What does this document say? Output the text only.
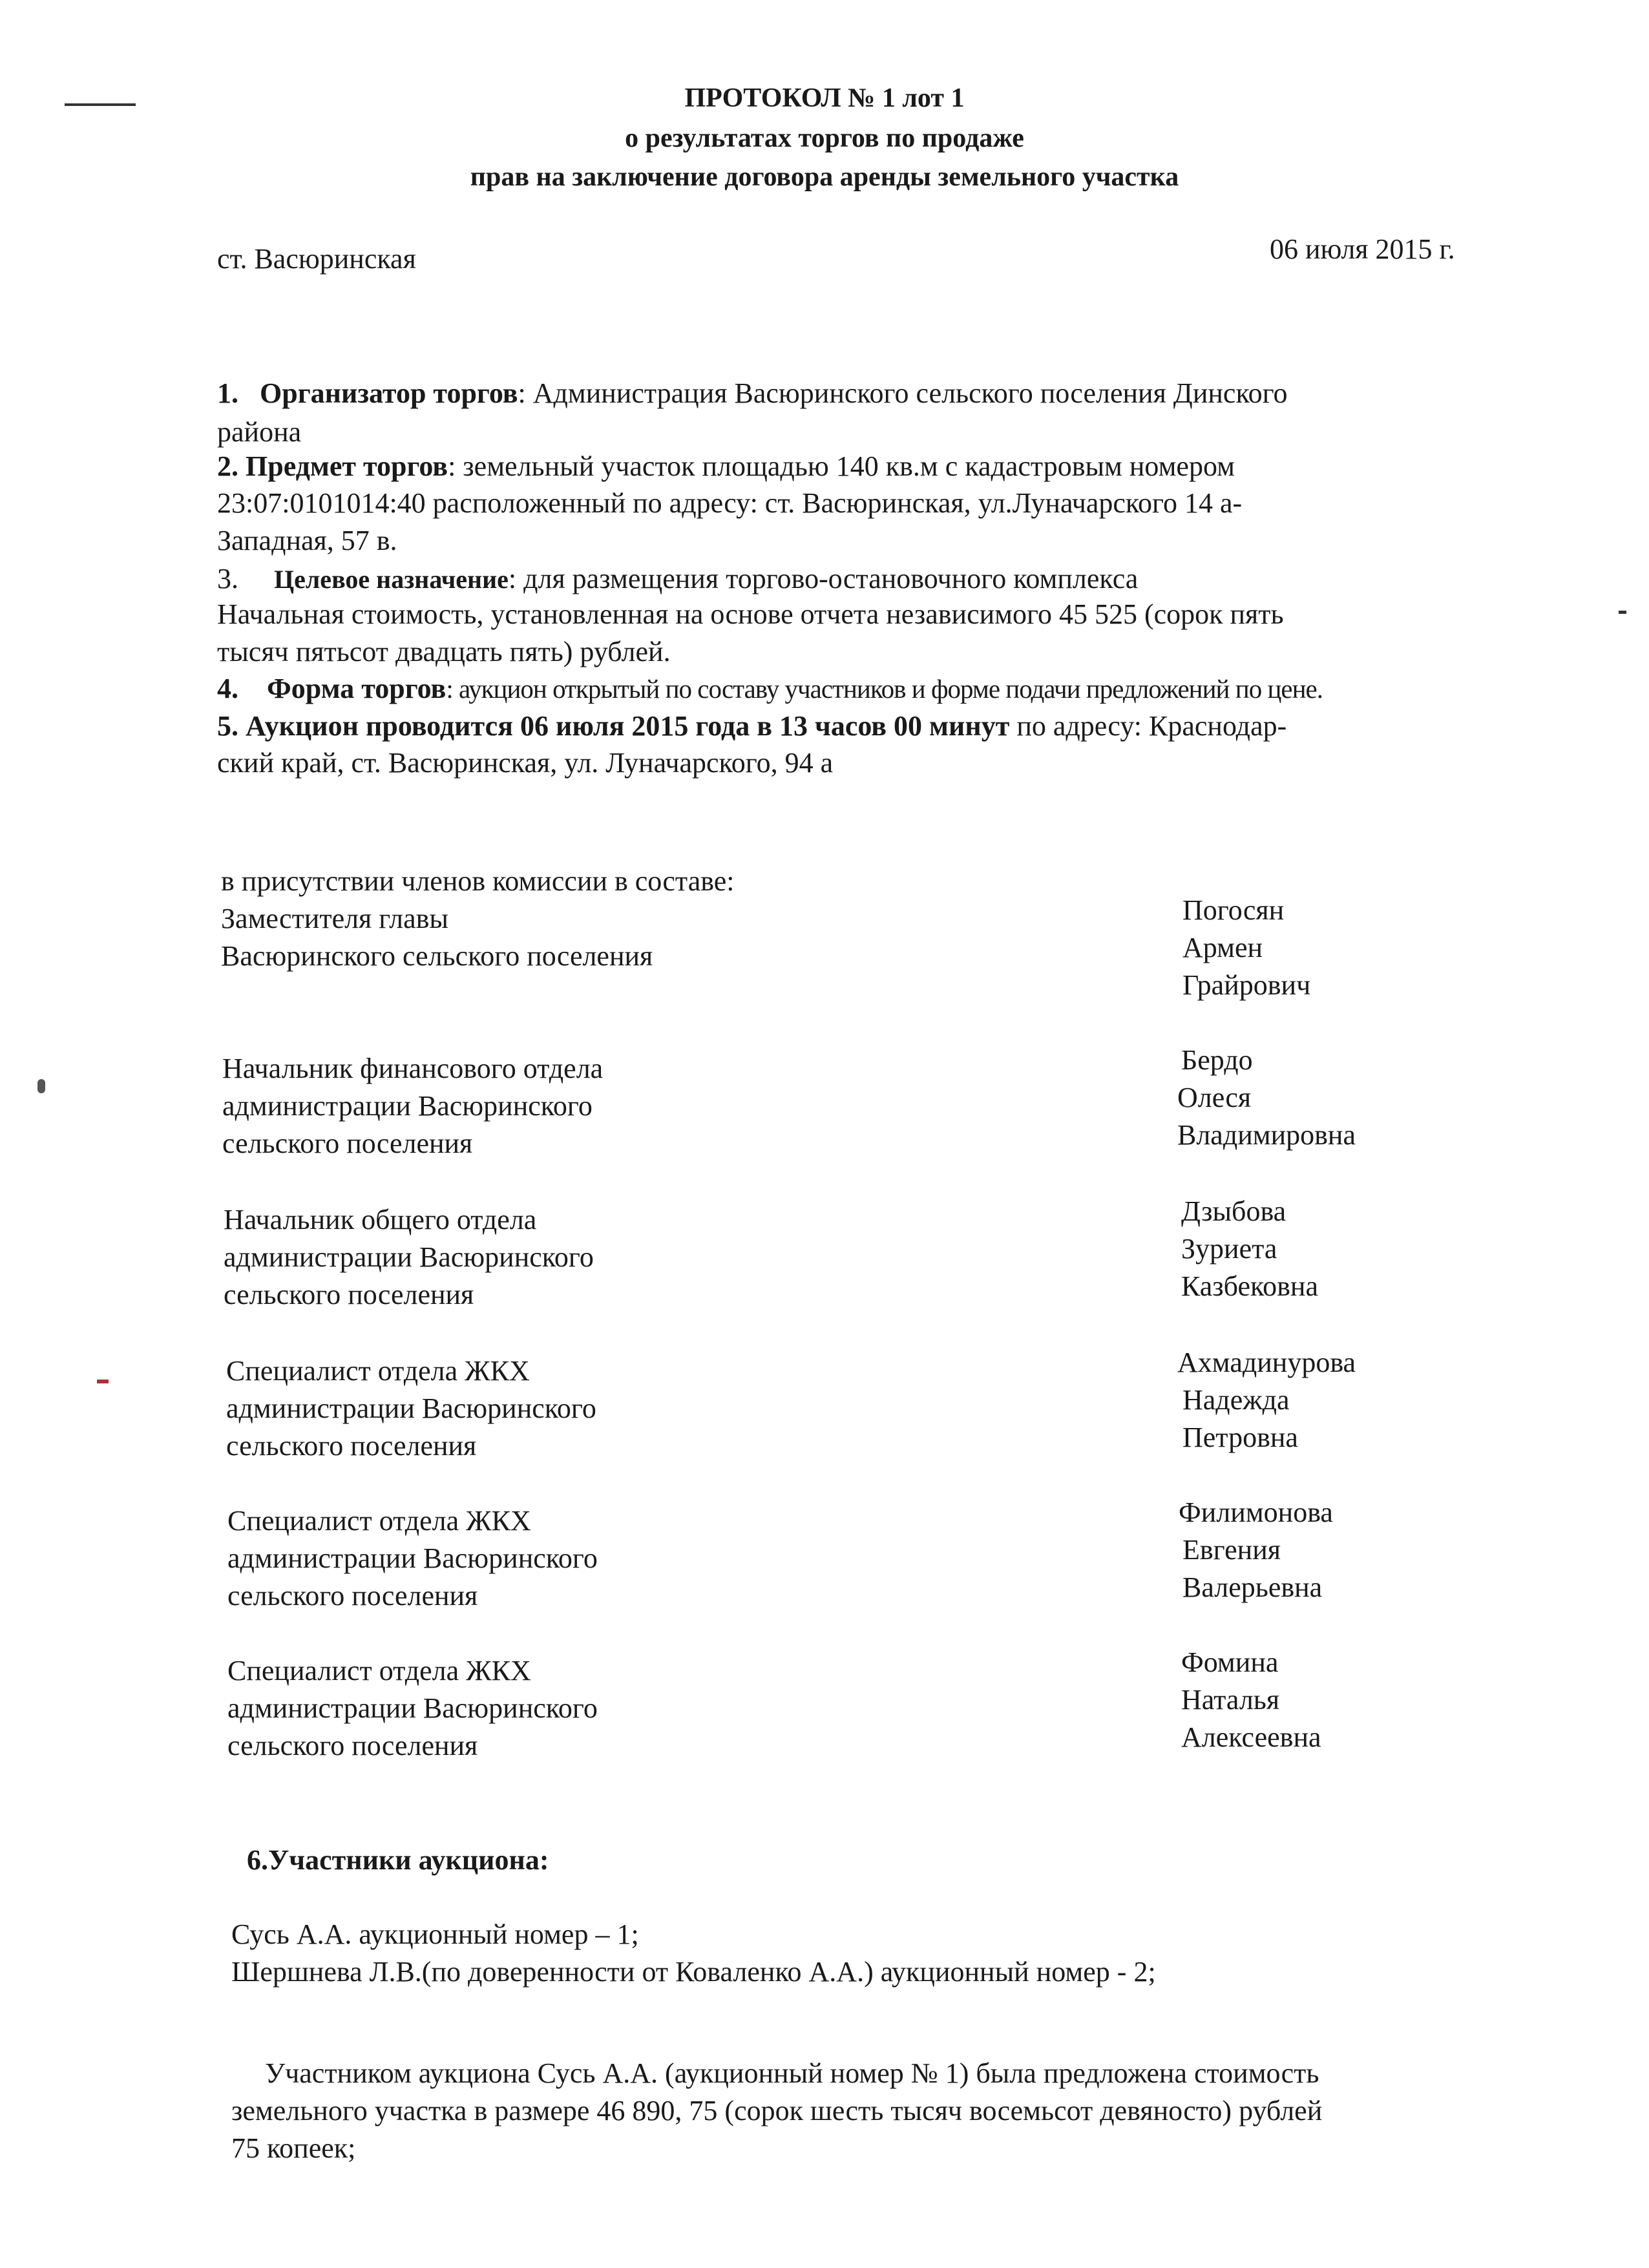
ПРОТОКОЛ № 1 лот 1
о результатах торгов по продаже
прав на заключение договора аренды земельного участка
ст. Васюринская	06 июля 2015 г.
1. Организатор торгов: Администрация Васюринского сельского поселения Динского
района
2. Предмет торгов: земельный участок площадью 140 кв.м с кадастровым номером
23:07:0101014:40 расположенный по адресу: ст. Васюринская, ул.Луначарского 14 а-
Западная, 57 в.
3. Целевое назначение: для размещения торгово-остановочного комплекса
Начальная стоимость, установленная на основе отчета независимого 45 525 (сорок пять
тысяч пятьсот двадцать пять) рублей.
4. Форма торгов: аукцион открытый по составу участников и форме подачи предложений по цене.
5. Аукцион проводится 06 июля 2015 года в 13 часов 00 минут по адресу: Краснодар-
ский край, ст. Васюринская, ул. Луначарского, 94 а
в присутствии членов комиссии в составе:
Заместителя главы
Васюринского сельского поселения
Погосян
Армен
Грайрович
Начальник финансового отдела
администрации Васюринского
сельского поселения
Бердо
Олеся
Владимировна
Начальник общего отдела
администрации Васюринского
сельского поселения
Дзыбова
Зуриета
Казбековна
Специалист отдела ЖКХ
администрации Васюринского
сельского поселения
Ахмадинурова
Надежда
Петровна
Специалист отдела ЖКХ
администрации Васюринского
сельского поселения
Филимонова
Евгения
Валерьевна
Специалист отдела ЖКХ
администрации Васюринского
сельского поселения
Фомина
Наталья
Алексеевна
6.Участники аукциона:
Сусь А.А. аукционный номер – 1;
Шершнева Л.В.(по доверенности от Коваленко А.А.) аукционный номер - 2;
Участником аукциона Сусь А.А. (аукционный номер № 1) была предложена стоимость
земельного участка в размере 46 890, 75 (сорок шесть тысяч восемьсот девяносто) рублей
75 копеек;
